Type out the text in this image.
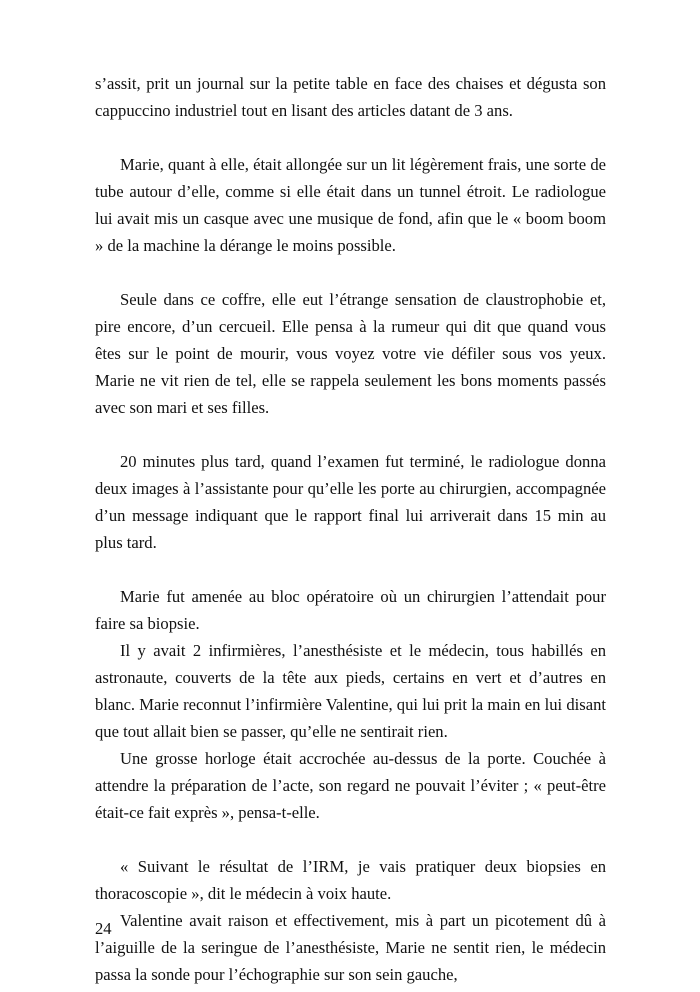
s’assit, prit un journal sur la petite table en face des chaises et dégusta son cappuccino industriel tout en lisant des articles datant de 3 ans.

Marie, quant à elle, était allongée sur un lit légèrement frais, une sorte de tube autour d’elle, comme si elle était dans un tunnel étroit. Le radiologue lui avait mis un casque avec une musique de fond, afin que le « boom boom » de la machine la dérange le moins possible.

Seule dans ce coffre, elle eut l’étrange sensation de claustrophobie et, pire encore, d’un cercueil. Elle pensa à la rumeur qui dit que quand vous êtes sur le point de mourir, vous voyez votre vie défiler sous vos yeux. Marie ne vit rien de tel, elle se rappela seulement les bons moments passés avec son mari et ses filles.

20 minutes plus tard, quand l’examen fut terminé, le radiologue donna deux images à l’assistante pour qu’elle les porte au chirurgien, accompagnée d’un message indiquant que le rapport final lui arriverait dans 15 min au plus tard.

Marie fut amenée au bloc opératoire où un chirurgien l’attendait pour faire sa biopsie.

Il y avait 2 infirmières, l’anesthésiste et le médecin, tous habillés en astronaute, couverts de la tête aux pieds, certains en vert et d’autres en blanc. Marie reconnut l’infirmière Valentine, qui lui prit la main en lui disant que tout allait bien se passer, qu’elle ne sentirait rien.

Une grosse horloge était accrochée au-dessus de la porte. Couchée à attendre la préparation de l’acte, son regard ne pouvait l’éviter ; « peut-être était-ce fait exprès », pensa-t-elle.

« Suivant le résultat de l’IRM, je vais pratiquer deux biopsies en thoracoscopie », dit le médecin à voix haute.

Valentine avait raison et effectivement, mis à part un picotement dû à l’aiguille de la seringue de l’anesthésiste, Marie ne sentit rien, le médecin passa la sonde pour l’échographie sur son sein gauche,

24
